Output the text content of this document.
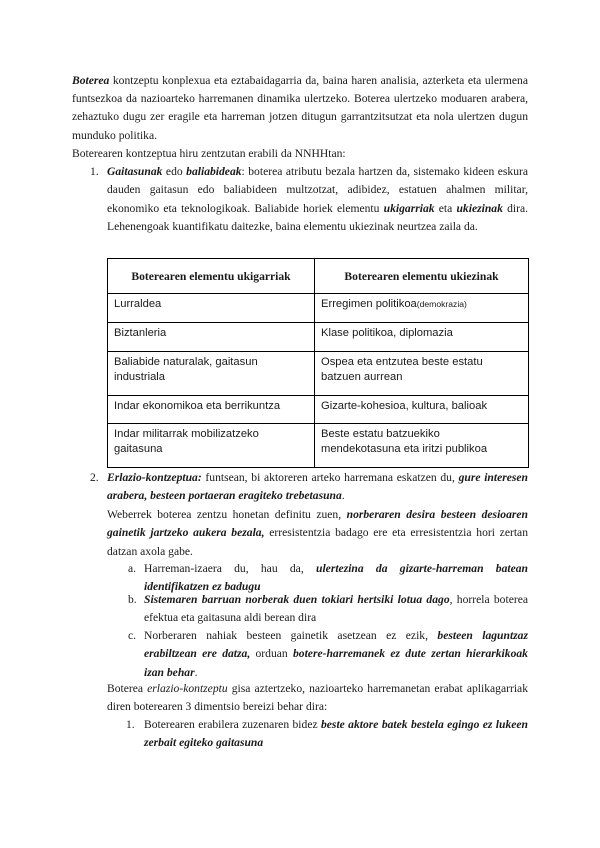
Boterea kontzeptu konplexua eta eztabaidagarria da, baina haren analisia, azterketa eta ulermena funtsezkoa da nazioarteko harremanen dinamika ulertzeko. Boterea ulertzeko moduaren arabera, zehaztuko dugu zer eragile eta harreman jotzen ditugun garrantzitsutzat eta nola ulertzen dugun munduko politika.

Boterearen kontzeptua hiru zentzutan erabili da NNHHtan:

1. Gaitasunak edo baliabideak: boterea atributu bezala hartzen da, sistemako kideen eskura dauden gaitasun edo baliabideen multzotzat, adibidez, estatuen ahalmen militar, ekonomiko eta teknologikoak. Baliabide horiek elementu ukigarriak eta ukiezinak dira. Lehenengoak kuantifikatu daitezke, baina elementu ukiezinak neurtzea zaila da.

Boterearen elementu ukigarriak	Boterearen elementu ukiezinak
Lurraldea	Erregimen politikoa(demokrazia)
Biztanleria	Klase politikoa, diplomazia
Baliabide naturalak, gaitasun industriala	Ospea eta entzutea beste estatu batzuen aurrean
Indar ekonomikoa eta berrikuntza	Gizarte-kohesioa, kultura, balioak
Indar militarrak mobilizatzeko gaitasuna	Beste estatu batzuekiko mendekotasuna eta iritzi publikoa
2. Erlazio-kontzeptua: funtsean, bi aktoreren arteko harremana eskatzen du, gure interesen arabera, besteen portaeran eragiteko trebetasuna.

Weberrek boterea zentzu honetan definitu zuen, norberaren desira besteen desioaren gainetik jartzeko aukera bezala, erresistentzia badago ere eta erresistentzia hori zertan datzan axola gabe.

a. Harreman-izaera du, hau da, ulertezina da gizarte-harreman batean identifikatzen ez badugu

b. Sistemaren barruan norberak duen tokiari hertsiki lotua dago, horrela boterea efektua eta gaitasuna aldi berean dira

c. Norberaren nahiak besteen gainetik asetzean ez ezik, besteen laguntzaz erabiltzean ere datza, orduan botere-harremanek ez dute zertan hierarkikoak izan behar.

Boterea erlazio-kontzeptu gisa aztertzeko, nazioarteko harremanetan erabat aplikagarriak diren boterearen 3 dimentsio bereizi behar dira:

1. Boterearen erabilera zuzenaren bidez beste aktore batek bestela egingo ez lukeen zerbait egiteko gaitasuna
